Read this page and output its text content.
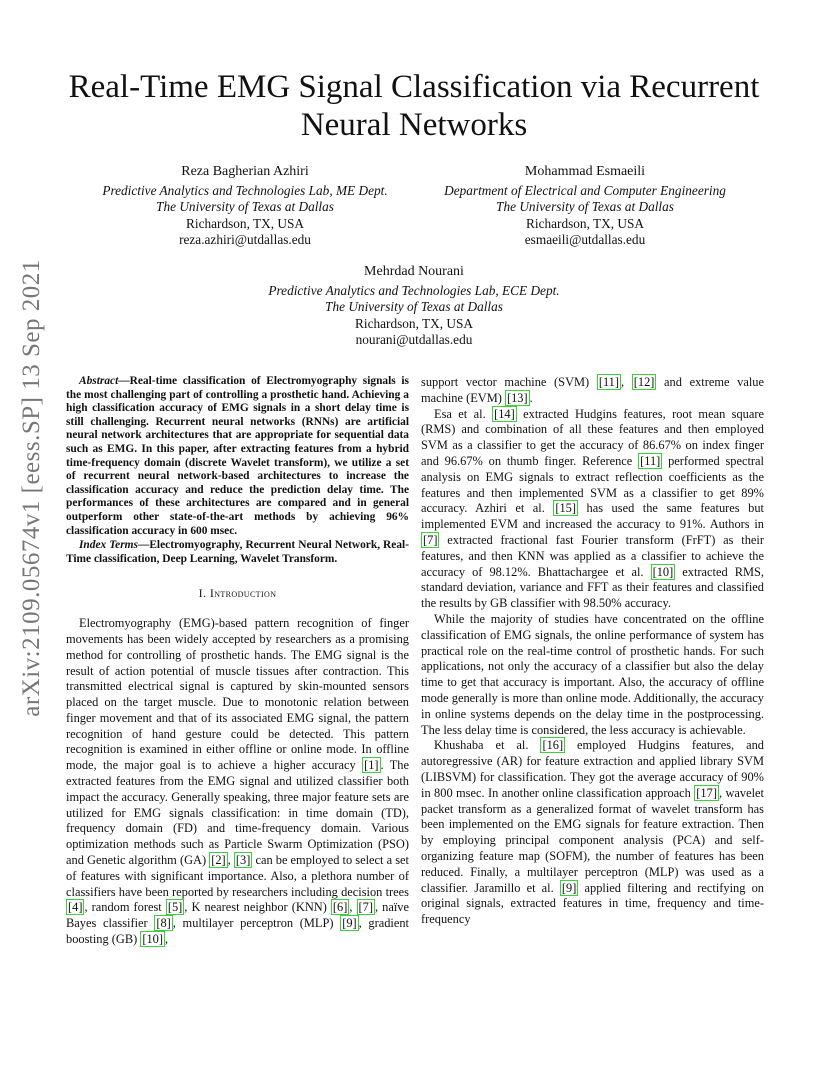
arXiv:2109.05674v1 [eess.SP] 13 Sep 2021
Real-Time EMG Signal Classification via Recurrent Neural Networks
Reza Bagherian Azhiri
Predictive Analytics and Technologies Lab, ME Dept.
The University of Texas at Dallas
Richardson, TX, USA
reza.azhiri@utdallas.edu
Mohammad Esmaeili
Department of Electrical and Computer Engineering
The University of Texas at Dallas
Richardson, TX, USA
esmaeili@utdallas.edu
Mehrdad Nourani
Predictive Analytics and Technologies Lab, ECE Dept.
The University of Texas at Dallas
Richardson, TX, USA
nourani@utdallas.edu
Abstract—Real-time classification of Electromyography signals is the most challenging part of controlling a prosthetic hand. Achieving a high classification accuracy of EMG signals in a short delay time is still challenging. Recurrent neural networks (RNNs) are artificial neural network architectures that are appropriate for sequential data such as EMG. In this paper, after extracting features from a hybrid time-frequency domain (discrete Wavelet transform), we utilize a set of recurrent neural network-based architectures to increase the classification accuracy and reduce the prediction delay time. The performances of these architectures are compared and in general outperform other state-of-the-art methods by achieving 96% classification accuracy in 600 msec.
Index Terms—Electromyography, Recurrent Neural Network, Real-Time classification, Deep Learning, Wavelet Transform.
I. Introduction

Electromyography (EMG)-based pattern recognition of finger movements has been widely accepted by researchers as a promising method for controlling of prosthetic hands. The EMG signal is the result of action potential of muscle tissues after contraction. This transmitted electrical signal is captured by skin-mounted sensors placed on the target muscle. Due to monotonic relation between finger movement and that of its associated EMG signal, the pattern recognition of hand gesture could be detected. This pattern recognition is examined in either offline or online mode. In offline mode, the major goal is to achieve a higher accuracy [1] . The extracted features from the EMG signal and utilized classifier both impact the accuracy. Generally speaking, three major feature sets are utilized for EMG signals classification: in time domain (TD), frequency domain (FD) and time-frequency domain. Various optimization methods such as Particle Swarm Optimization (PSO) and Genetic algorithm (GA) [2] , [3] can be employed to select a set of features with significant importance. Also, a plethora number of classifiers have been reported by researchers including decision trees [4] , random forest [5] , K nearest neighbor (KNN) [6] , [7] , naïve Bayes classifier [8] , multilayer perceptron (MLP) [9] , gradient boosting (GB) [10] ,

support vector machine (SVM) [11] , [12] and extreme value machine (EVM) [13] .

Esa et al. [14] extracted Hudgins features, root mean square (RMS) and combination of all these features and then employed SVM as a classifier to get the accuracy of 86.67% on index finger and 96.67% on thumb finger. Reference [11] performed spectral analysis on EMG signals to extract reflection coefficients as the features and then implemented SVM as a classifier to get 89% accuracy. Azhiri et al. [15] has used the same features but implemented EVM and increased the accuracy to 91%. Authors in [7] extracted fractional fast Fourier transform (FrFT) as their features, and then KNN was applied as a classifier to achieve the accuracy of 98.12%. Bhattachargee et al. [10] extracted RMS, standard deviation, variance and FFT as their features and classified the results by GB classifier with 98.50% accuracy.

While the majority of studies have concentrated on the offline classification of EMG signals, the online performance of system has practical role on the real-time control of prosthetic hands. For such applications, not only the accuracy of a classifier but also the delay time to get that accuracy is important. Also, the accuracy of offline mode generally is more than online mode. Additionally, the accuracy in online systems depends on the delay time in the postprocessing. The less delay time is considered, the less accuracy is achievable.

Khushaba et al. [16] employed Hudgins features, and autoregressive (AR) for feature extraction and applied library SVM (LIBSVM) for classification. They got the average accuracy of 90% in 800 msec. In another online classification approach [17] , wavelet packet transform as a generalized format of wavelet transform has been implemented on the EMG signals for feature extraction. Then by employing principal component analysis (PCA) and self-organizing feature map (SOFM), the number of features has been reduced. Finally, a multilayer perceptron (MLP) was used as a classifier. Jaramillo et al. [9] applied filtering and rectifying on original signals, extracted features in time, frequency and time-frequency
